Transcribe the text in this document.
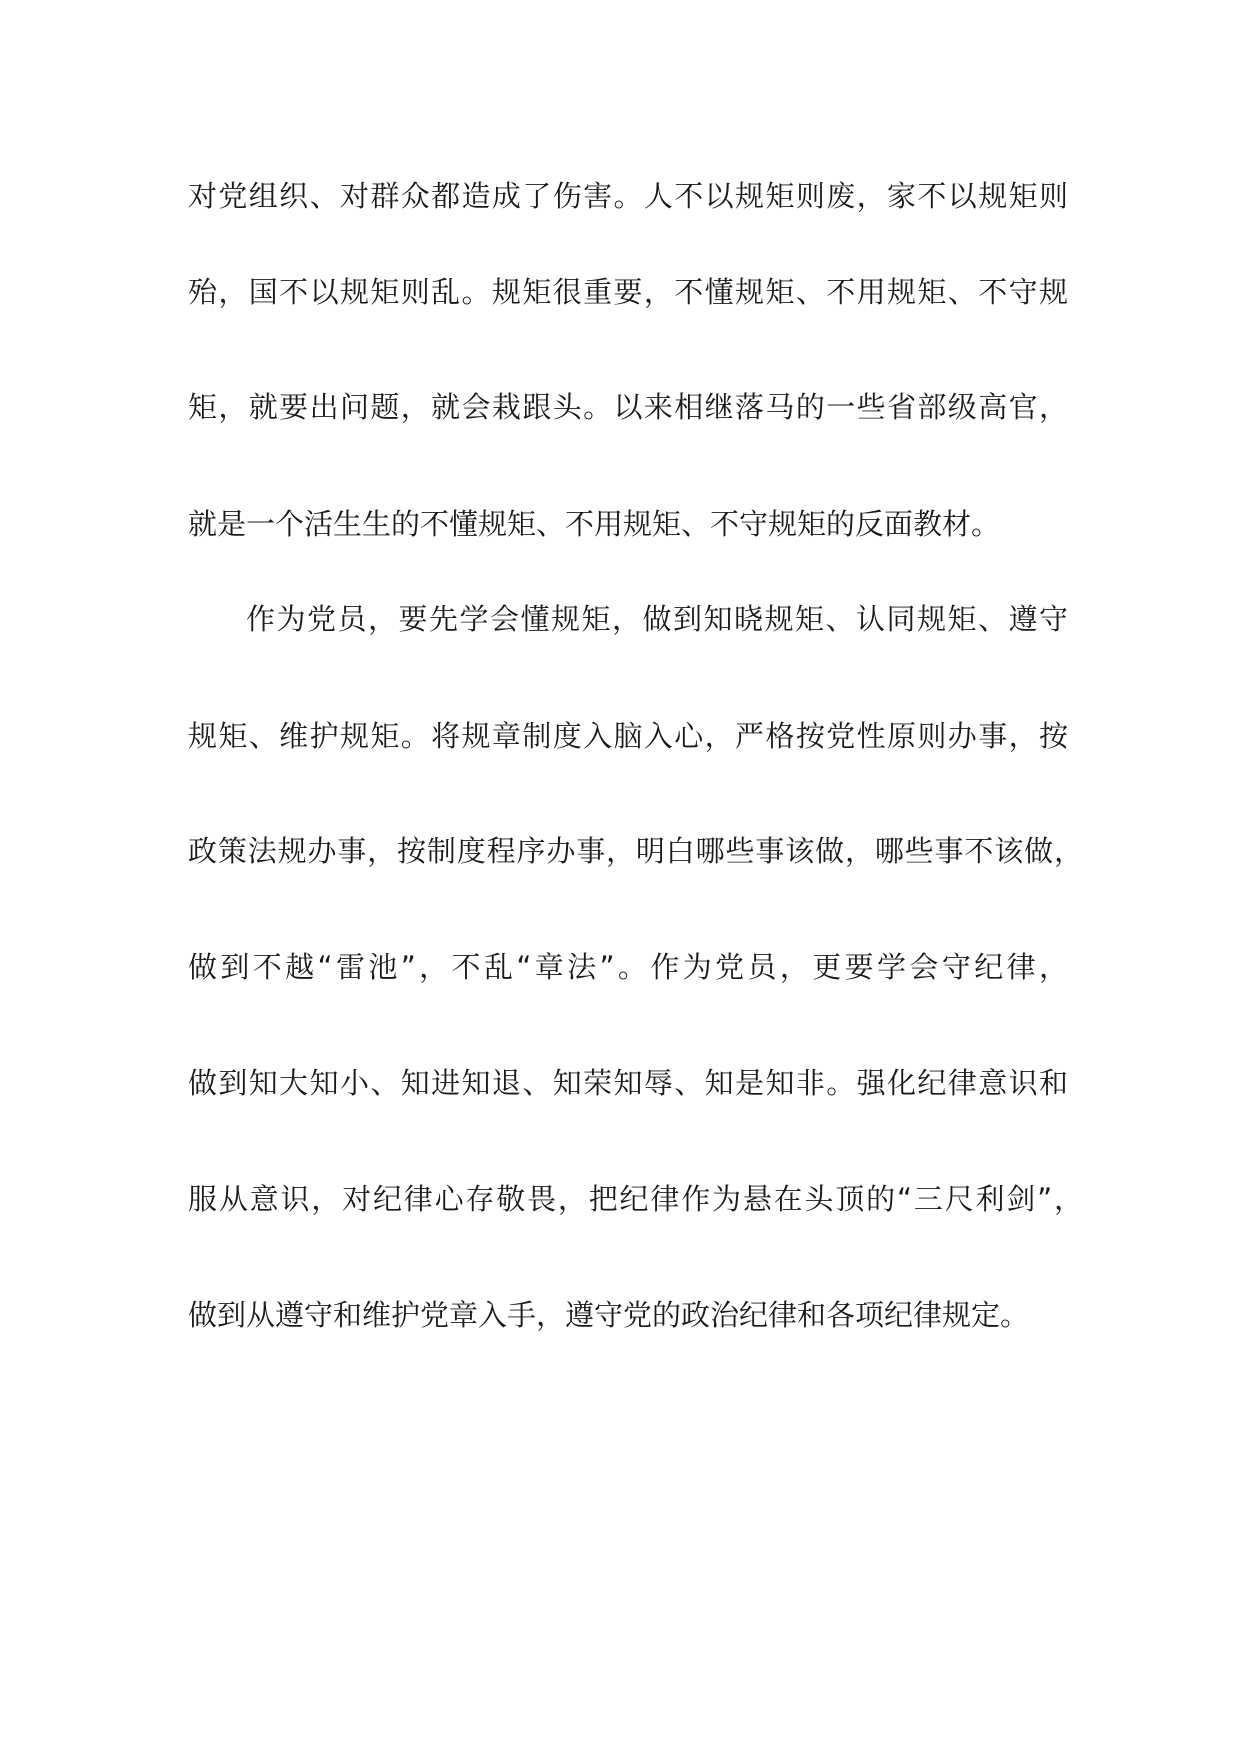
对党组织、对群众都造成了伤害。人不以规矩则废，家不以规矩则
殆，国不以规矩则乱。规矩很重要，不懂规矩、不用规矩、不守规
矩，就要出问题，就会栽跟头。以来相继落马的一些省部级高官，
就是一个活生生的不懂规矩、不用规矩、不守规矩的反面教材。
作为党员，要先学会懂规矩，做到知晓规矩、认同规矩、遵守
规矩、维护规矩。将规章制度入脑入心，严格按党性原则办事，按
政策法规办事，按制度程序办事，明白哪些事该做，哪些事不该做，
做到不越“雷池”，不乱“章法”。作为党员，更要学会守纪律，
做到知大知小、知进知退、知荣知辱、知是知非。强化纪律意识和
服从意识，对纪律心存敬畏，把纪律作为悬在头顶的“三尺利剑”，
做到从遵守和维护党章入手，遵守党的政治纪律和各项纪律规定。
